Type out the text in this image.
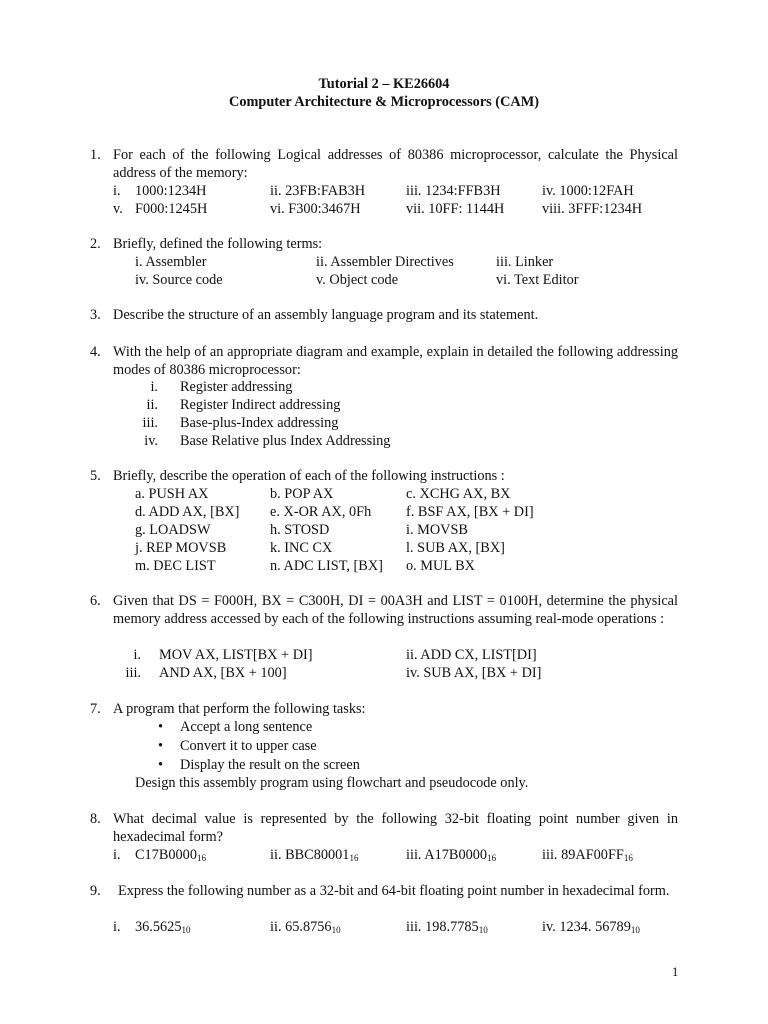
Tutorial 2 – KE26604
Computer Architecture & Microprocessors (CAM)
1. For each of the following Logical addresses of 80386 microprocessor, calculate the Physical address of the memory:
i. 1000:1234H	ii. 23FB:FAB3H	iii. 1234:FFB3H	iv. 1000:12FAH
v. F000:1245H	vi. F300:3467H	vii. 10FF: 1144H	viii. 3FFF:1234H
2. Briefly, defined the following terms:
i. Assembler	ii. Assembler Directives	iii. Linker
iv. Source code	v. Object code	vi. Text Editor
3. Describe the structure of an assembly language program and its statement.
4. With the help of an appropriate diagram and example, explain in detailed the following addressing modes of 80386 microprocessor:
i. Register addressing
ii. Register Indirect addressing
iii. Base-plus-Index addressing
iv. Base Relative plus Index Addressing
5. Briefly, describe the operation of each of the following instructions :
a. PUSH AX	b. POP AX	c. XCHG AX, BX
d. ADD AX, [BX] e. X-OR AX, 0Fh f. BSF AX, [BX + DI]
g. LOADSW	h. STOSD	i. MOVSB
j. REP MOVSB	k. INC CX	l. SUB AX, [BX]
m. DEC LIST	n. ADC LIST, [BX] o. MUL BX
6. Given that DS = F000H, BX = C300H, DI = 00A3H and LIST = 0100H, determine the physical memory address accessed by each of the following instructions assuming real-mode operations :
i. MOV AX, LIST[BX + DI]	ii. ADD CX, LIST[DI]
iii. AND AX, [BX + 100]	iv. SUB AX, [BX + DI]
7. A program that perform the following tasks:
• Accept a long sentence
• Convert it to upper case
• Display the result on the screen
Design this assembly program using flowchart and pseudocode only.
8. What decimal value is represented by the following 32-bit floating point number given in hexadecimal form?
i. $C17B0000_{16}$	ii. $BBC80001_{16}$	iii. $A17B0000_{16}$	iii. $89AF00FF_{16}$
9. Express the following number as a 32-bit and 64-bit floating point number in hexadecimal form.
i. $36.5625_{10}$	ii. $65.8756_{10}$	iii. $198.7785_{10}$	iv. 1234. $56789_{10}$
1
